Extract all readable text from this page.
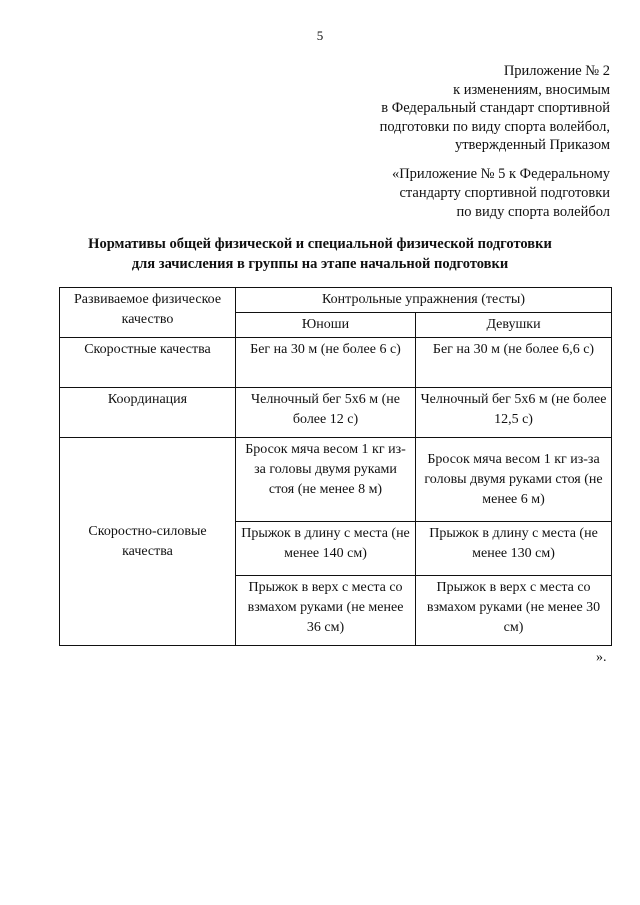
5
Приложение № 2
к изменениям, вносимым
в Федеральный стандарт спортивной
подготовки по виду спорта волейбол,
утвержденный Приказом
«Приложение № 5 к Федеральному
стандарту спортивной подготовки
по виду спорта волейбол
Нормативы общей физической и специальной физической подготовки
для зачисления в группы на этапе начальной подготовки
Развиваемое физическое качество	Контрольные упражнения (тесты)	
	Юноши	Девушки
Скоростные качества	Бег на 30 м (не более 6 с)	Бег на 30 м (не более 6,6 с)
Координация	Челночный бег 5х6 м (не более 12 с)	Челночный бег 5х6 м (не более 12,5 с)
Скоростно-силовые качества	Бросок мяча весом 1 кг из-за головы двумя руками стоя (не менее 8 м)	Бросок мяча весом 1 кг из-за головы двумя руками стоя (не менее 6 м)
	Прыжок в длину с места (не менее 140 см)	Прыжок в длину с места (не менее 130 см)
	Прыжок в верх с места со взмахом руками (не менее 36 см)	Прыжок в верх с места со взмахом руками (не менее 30 см)
».
